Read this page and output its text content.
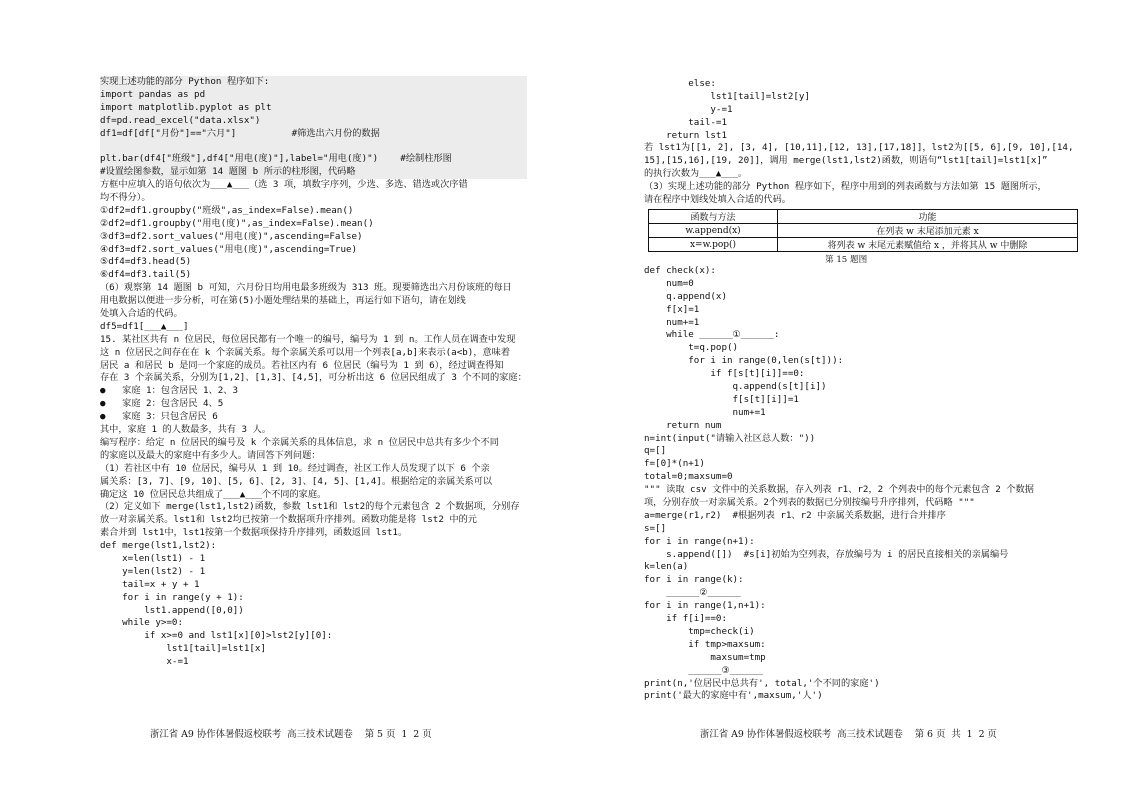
实现上述功能的部分 Python 程序如下:
import pandas as pd
import matplotlib.pyplot as plt
df=pd.read_excel("data.xlsx")
df1=df[df["月份"]=="六月"]          #筛选出六月份的数据
plt.bar(df4["班级"],df4["用电(度)"],label="用电(度)")    #绘制柱形图
#设置绘图参数，显示如第 14 题图 b 所示的柱形图，代码略
方框中应填入的语句依次为___▲___（选 3 项，填数字序列，少选、多选、错选或次序错
均不得分）。
①df2=df1.groupby("班级",as_index=False).mean()
②df2=df1.groupby("用电(度)",as_index=False).mean()
③df3=df2.sort_values("用电(度)",ascending=False)
④df3=df2.sort_values("用电(度)",ascending=True)
⑤df4=df3.head(5)
⑥df4=df3.tail(5)
（6）观察第 14 题图 b 可知，六月份日均用电最多班级为 313 班。现要筛选出六月份该班的每日
用电数据以便进一步分析，可在第(5)小题处理结果的基础上，再运行如下语句，请在划线
处填入合适的代码。
df5=df1[___▲___]
15. 某社区共有 n 位居民，每位居民都有一个唯一的编号，编号为 1 到 n。工作人员在调查中发现
这 n 位居民之间存在在 k 个亲属关系。每个亲属关系可以用一个列表[a,b]来表示(a<b)，意味着
居民 a 和居民 b 是同一个家庭的成员。若社区内有 6 位居民（编号为 1 到 6），经过调查得知
存在 3 个亲属关系，分别为[1,2]、[1,3]、[4,5]，可分析出这 6 位居民组成了 3 个不同的家庭：
●   家庭 1：包含居民 1、2、3
●   家庭 2：包含居民 4、5
●   家庭 3：只包含居民 6
其中，家庭 1 的人数最多，共有 3 人。
编写程序：给定 n 位居民的编号及 k 个亲属关系的具体信息，求 n 位居民中总共有多少个不同
的家庭以及最大的家庭中有多少人。请回答下列问题：
（1）若社区中有 10 位居民，编号从 1 到 10。经过调查，社区工作人员发现了以下 6 个亲
属关系：[3, 7]、[9, 10]、[5, 6]、[2, 3]、[4, 5]、[1,4]。根据给定的亲属关系可以
确定这 10 位居民总共组成了___▲___个不同的家庭。
（2）定义如下 merge(lst1,lst2)函数，参数 lst1和 lst2的每个元素包含 2 个数据项，分别存
放一对亲属关系。lst1和 lst2均已按第一个数据项升序排列。函数功能是将 lst2 中的元
素合并到 lst1中，lst1按第一个数据项保持升序排列，函数返回 lst1。
def merge(lst1,lst2):
x=len(lst1) - 1
y=len(lst2) - 1
tail=x + y + 1
for i in range(y + 1):
lst1.append([0,0])
while y>=0:
if x>=0 and lst1[x][0]>lst2[y][0]:
lst1[tail]=lst1[x]
x-=1
浙江省 A9 协作体暑假返校联考  高三技术试题卷    第 5 页  1  2 页
else:
lst1[tail]=lst2[y]
y-=1
tail-=1
return lst1
若 lst1为[[1, 2], [3, 4], [10,11],[12, 13],[17,18]]，lst2为[[5, 6],[9, 10],[14,
15],[15,16],[19, 20]]，调用 merge(lst1,lst2)函数，则语句“lst1[tail]=lst1[x]”
的执行次数为___▲___。
（3）实现上述功能的部分 Python 程序如下，程序中用到的列表函数与方法如第 15 题图所示，
请在程序中划线处填入合适的代码。
函数与方法	功能
w.append(x)	在列表 w 末尾添加元素 x
x=w.pop()	将列表 w 末尾元素赋值给 x ，并将其从 w 中删除
第 15 题图
def check(x):
num=0
q.append(x)
f[x]=1
num+=1
while ______①______:
t=q.pop()
for i in range(0,len(s[t])):
if f[s[t][i]]==0:
q.append(s[t][i])
f[s[t][i]]=1
num+=1
return num
n=int(input("请输入社区总人数："))
q=[]
f=[0]*(n+1)
total=0;maxsum=0
""" 读取 csv 文件中的关系数据，存入列表 r1、r2，2 个列表中的每个元素包含 2 个数据
项，分别存放一对亲属关系。2个列表的数据已分别按编号升序排列，代码略 """
a=merge(r1,r2)  #根据列表 r1、r2 中亲属关系数据，进行合并排序
s=[]
for i in range(n+1):
s.append([])  #s[i]初始为空列表，存放编号为 i 的居民直接相关的亲属编号
k=len(a)
for i in range(k):
______②______
for i in range(1,n+1):
if f[i]==0:
tmp=check(i)
if tmp>maxsum:
maxsum=tmp
______③______
print(n,'位居民中总共有', total,'个不同的家庭')
print('最大的家庭中有',maxsum,'人')
浙江省 A9 协作体暑假返校联考  高三技术试题卷    第 6 页  共  1  2 页
